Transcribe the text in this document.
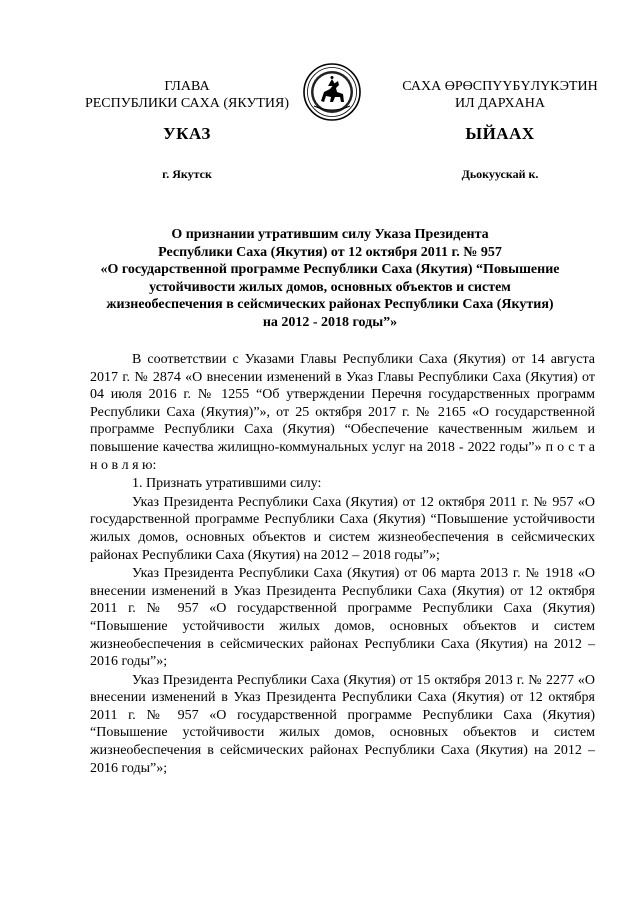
ГЛАВА
РЕСПУБЛИКИ САХА (ЯКУТИЯ)
САХА ӨРӨСПҮҮБҮЛҮКЭТИН
ИЛ ДАРХАНА
УКАЗ	ЫЙААХ
г. Якутск	Дьокуускай к.
О признании утратившим силу Указа Президента
Республики Саха (Якутия) от 12 октября 2011 г. № 957
«О государственной программе Республики Саха (Якутия) “Повышение
устойчивости жилых домов, основных объектов и систем
жизнеобеспечения в сейсмических районах Республики Саха (Якутия)
на 2012 - 2018 годы”»

В соответствии с Указами Главы Республики Саха (Якутия) от 14 августа 2017 г. № 2874 «О внесении изменений в Указ Главы Республики Саха (Якутия) от 04 июля 2016 г. № 1255 “Об утверждении Перечня государственных программ Республики Саха (Якутия)”», от 25 октября 2017 г. № 2165 «О государственной программе Республики Саха (Якутия) “Обеспечение качественным жильем и повышение качества жилищно-коммунальных услуг на 2018 - 2022 годы”» п о с т а н о в л я ю:

1. Признать утратившими силу:

Указ Президента Республики Саха (Якутия) от 12 октября 2011 г. № 957 «О государственной программе Республики Саха (Якутия) “Повышение устойчивости жилых домов, основных объектов и систем жизнеобеспечения в сейсмических районах Республики Саха (Якутия) на 2012 – 2018 годы”»;

Указ Президента Республики Саха (Якутия) от 06 марта 2013 г. № 1918 «О внесении изменений в Указ Президента Республики Саха (Якутия) от 12 октября 2011 г. № 957 «О государственной программе Республики Саха (Якутия) “Повышение устойчивости жилых домов, основных объектов и систем жизнеобеспечения в сейсмических районах Республики Саха (Якутия) на 2012 – 2016 годы”»;

Указ Президента Республики Саха (Якутия) от 15 октября 2013 г. № 2277 «О внесении изменений в Указ Президента Республики Саха (Якутия) от 12 октября 2011 г. № 957 «О государственной программе Республики Саха (Якутия) “Повышение устойчивости жилых домов, основных объектов и систем жизнеобеспечения в сейсмических районах Республики Саха (Якутия) на 2012 – 2016 годы”»;
